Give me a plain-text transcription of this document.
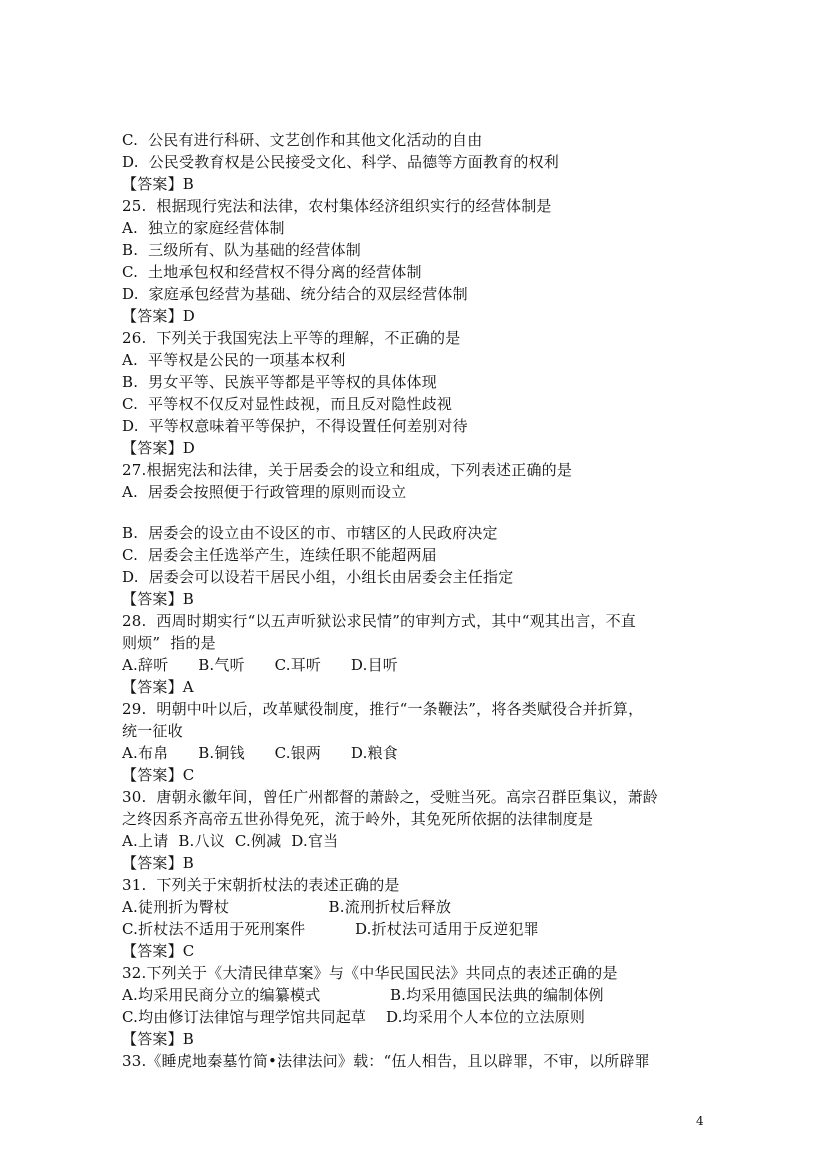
C.  公民有进行科研、文艺创作和其他文化活动的自由
D.  公民受教育权是公民接受文化、科学、品德等方面教育的权利
【答案】B
25.  根据现行宪法和法律，农村集体经济组织实行的经营体制是
A.  独立的家庭经营体制
B.  三级所有、队为基础的经营体制
C.  土地承包权和经营权不得分离的经营体制
D.  家庭承包经营为基础、统分结合的双层经营体制
【答案】D
26.  下列关于我国宪法上平等的理解，不正确的是
A.  平等权是公民的一项基本权利
B.  男女平等、民族平等都是平等权的具体体现
C.  平等权不仅反对显性歧视，而且反对隐性歧视
D.  平等权意味着平等保护，不得设置任何差别对待
【答案】D
27.根据宪法和法律，关于居委会的设立和组成，下列表述正确的是
A.  居委会按照便于行政管理的原则而设立
B.  居委会的设立由不设区的市、市辖区的人民政府决定
C.  居委会主任选举产生，连续任职不能超两届
D.  居委会可以设若干居民小组，小组长由居委会主任指定
【答案】B
28.  西周时期实行“以五声听狱讼求民情”的审判方式，其中“观其出言，不直
则烦”  指的是
A.辞听      B.气听      C.耳听      D.目听
【答案】A
29.  明朝中叶以后，改革赋役制度，推行“一条鞭法”，将各类赋役合并折算，
统一征收
A.布帛      B.铜钱      C.银两      D.粮食
【答案】C
30.  唐朝永徽年间，曾任广州都督的萧龄之，受赃当死。高宗召群臣集议，萧龄
之终因系齐高帝五世孙得免死，流于岭外，其免死所依据的法律制度是
A.上请  B.八议  C.例减  D.官当
【答案】B
31.  下列关于宋朝折杖法的表述正确的是
A.徒刑折为臀杖                    B.流刑折杖后释放
C.折杖法不适用于死刑案件          D.折杖法可适用于反逆犯罪
【答案】C
32.下列关于《大清民律草案》与《中华民国民法》共同点的表述正确的是
A.均采用民商分立的编纂模式              B.均采用德国民法典的编制体例
C.均由修订法律馆与理学馆共同起草    D.均采用个人本位的立法原则
【答案】B
33.《睡虎地秦墓竹简•法律法问》载：“伍人相告，且以辟罪，不审，以所辟罪
4
